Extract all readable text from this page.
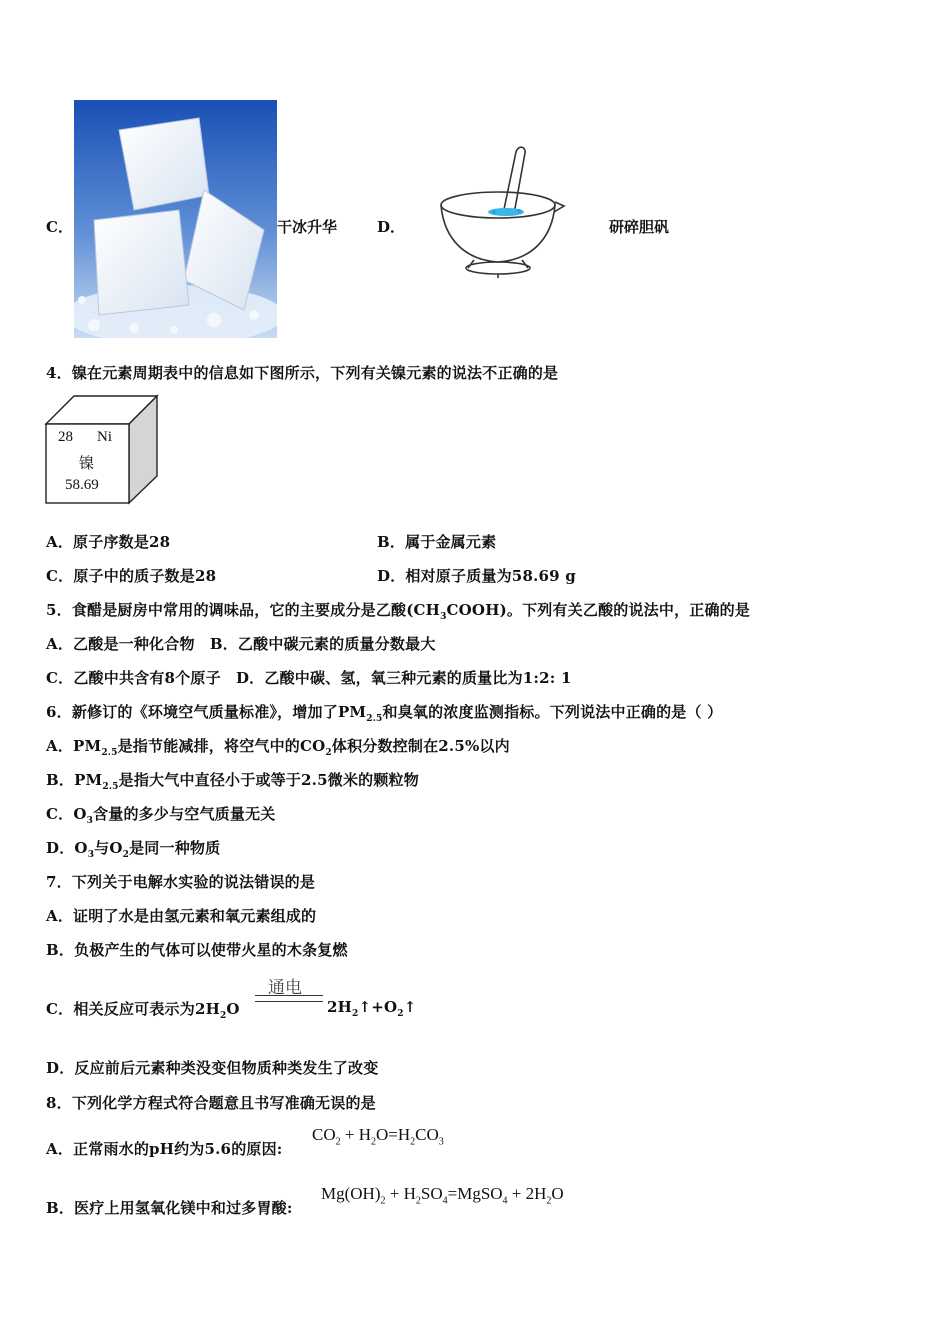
C．	干冰升华	D．	研碎胆矾
4．镍在元素周期表中的信息如下图所示，下列有关镍元素的说法不正确的是
28 Ni
镍
58.69
A．原子序数是28	B．属于金属元素
C．原子中的质子数是28	D．相对原子质量为58.69 g
5．食醋是厨房中常用的调味品，它的主要成分是乙酸$(CH_3COOH)$。下列有关乙酸的说法中，正确的是
A．乙酸是一种化合物　B．乙酸中碳元素的质量分数最大
C．乙酸中共含有8个原子　D．乙酸中碳、氢，氧三种元素的质量比为1:2: 1
6．新修订的《环境空气质量标准》，增加了$PM_{2.5}$和臭氧的浓度监测指标。下列说法中正确的是（ ）
A．$PM_{2.5}$是指节能减排，将空气中的$CO_2$体积分数控制在2.5%以内
B．$PM_{2.5}$是指大气中直径小于或等于2.5微米的颗粒物
C．$O_3$含量的多少与空气质量无关
D．$O_3$与$O_2$是同一种物质
7．下列关于电解水实验的说法错误的是
A．证明了水是由氢元素和氧元素组成的
B．负极产生的气体可以使带火星的木条复燃
C．相关反应可表示为$2H_2O$
通电
$2H_2↑+O_2↑$
D．反应前后元素种类没变但物质种类发生了改变
8．下列化学方程式符合题意且书写准确无误的是
A．正常雨水的pH约为5.6的原因:
$CO_2 + H_2O=H_2CO_3$
B．医疗上用氢氧化镁中和过多胃酸:
$Mg(OH)_2$ + $H_2SO_4=MgSO_4 + 2H_2O$
